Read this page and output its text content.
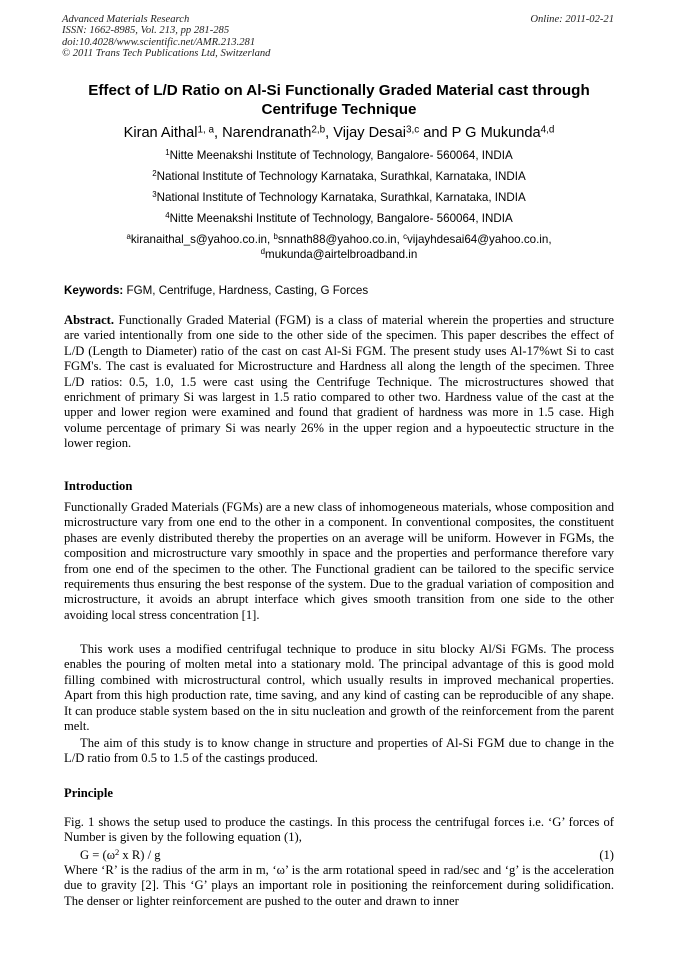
Advanced Materials Research
ISSN: 1662-8985, Vol. 213, pp 281-285
doi:10.4028/www.scientific.net/AMR.213.281
© 2011 Trans Tech Publications Ltd, Switzerland
Online: 2011-02-21
Effect of L/D Ratio on Al-Si Functionally Graded Material cast through Centrifuge Technique
Kiran Aithal$^{1, a}$, Narendranath$^{2,b}$, Vijay Desai$^{3,c}$ and P G Mukunda$^{4,d}$
$^1$Nitte Meenakshi Institute of Technology, Bangalore- 560064, INDIA
$^2$National Institute of Technology Karnataka, Surathkal, Karnataka, INDIA
$^3$National Institute of Technology Karnataka, Surathkal, Karnataka, INDIA
$^4$Nitte Meenakshi Institute of Technology, Bangalore- 560064, INDIA
$^a$kiranaithal_s@yahoo.co.in, $^b$snnath88@yahoo.co.in, $^c$vijayhdesai64@yahoo.co.in,
$^d$mukunda@airtelbroadband.in
Keywords: FGM, Centrifuge, Hardness, Casting, G Forces

Abstract. Functionally Graded Material (FGM) is a class of material wherein the properties and structure are varied intentionally from one side to the other side of the specimen. This paper describes the effect of L/D (Length to Diameter) ratio of the cast on cast Al-Si FGM. The present study uses Al-17%wt Si to cast FGM's. The cast is evaluated for Microstructure and Hardness all along the length of the specimen. Three L/D ratios: 0.5, 1.0, 1.5 were cast using the Centrifuge Technique. The microstructures showed that enrichment of primary Si was largest in 1.5 ratio compared to other two. Hardness value of the cast at the upper and lower region were examined and found that gradient of hardness was more in 1.5 case. High volume percentage of primary Si was nearly 26% in the upper region and a hypoeutectic structure in the lower region.

Introduction

Functionally Graded Materials (FGMs) are a new class of inhomogeneous materials, whose composition and microstructure vary from one end to the other in a component. In conventional composites, the constituent phases are evenly distributed thereby the properties on an average will be uniform. However in FGMs, the composition and microstructure vary smoothly in space and the properties and performance therefore vary from one end of the specimen to the other. The Functional gradient can be tailored to the specific service requirements thus ensuring the best response of the system. Due to the gradual variation of composition and microstructure, it avoids an abrupt interface which gives smooth transition from one side to the other avoiding local stress concentration [1].

This work uses a modified centrifugal technique to produce in situ blocky Al/Si FGMs. The process enables the pouring of molten metal into a stationary mold. The principal advantage of this is good mold filling combined with microstructural control, which usually results in improved mechanical properties. Apart from this high production rate, time saving, and any kind of casting can be reproducible of any shape. It can produce stable system based on the in situ nucleation and growth of the reinforcement from the parent melt.

The aim of this study is to know change in structure and properties of Al-Si FGM due to change in the L/D ratio from 0.5 to 1.5 of the castings produced.

Principle

Fig. 1 shows the setup used to produce the castings. In this process the centrifugal forces i.e. ‘G’ forces of Number is given by the following equation (1),

$G = (\omega^2$ x R) / g	(1)

Where ‘R’ is the radius of the arm in m, ‘ω’ is the arm rotational speed in rad/sec and ‘g’ is the acceleration due to gravity [2]. This ‘G’ plays an important role in positioning the reinforcement during solidification. The denser or lighter reinforcement are pushed to the outer and drawn to inner
